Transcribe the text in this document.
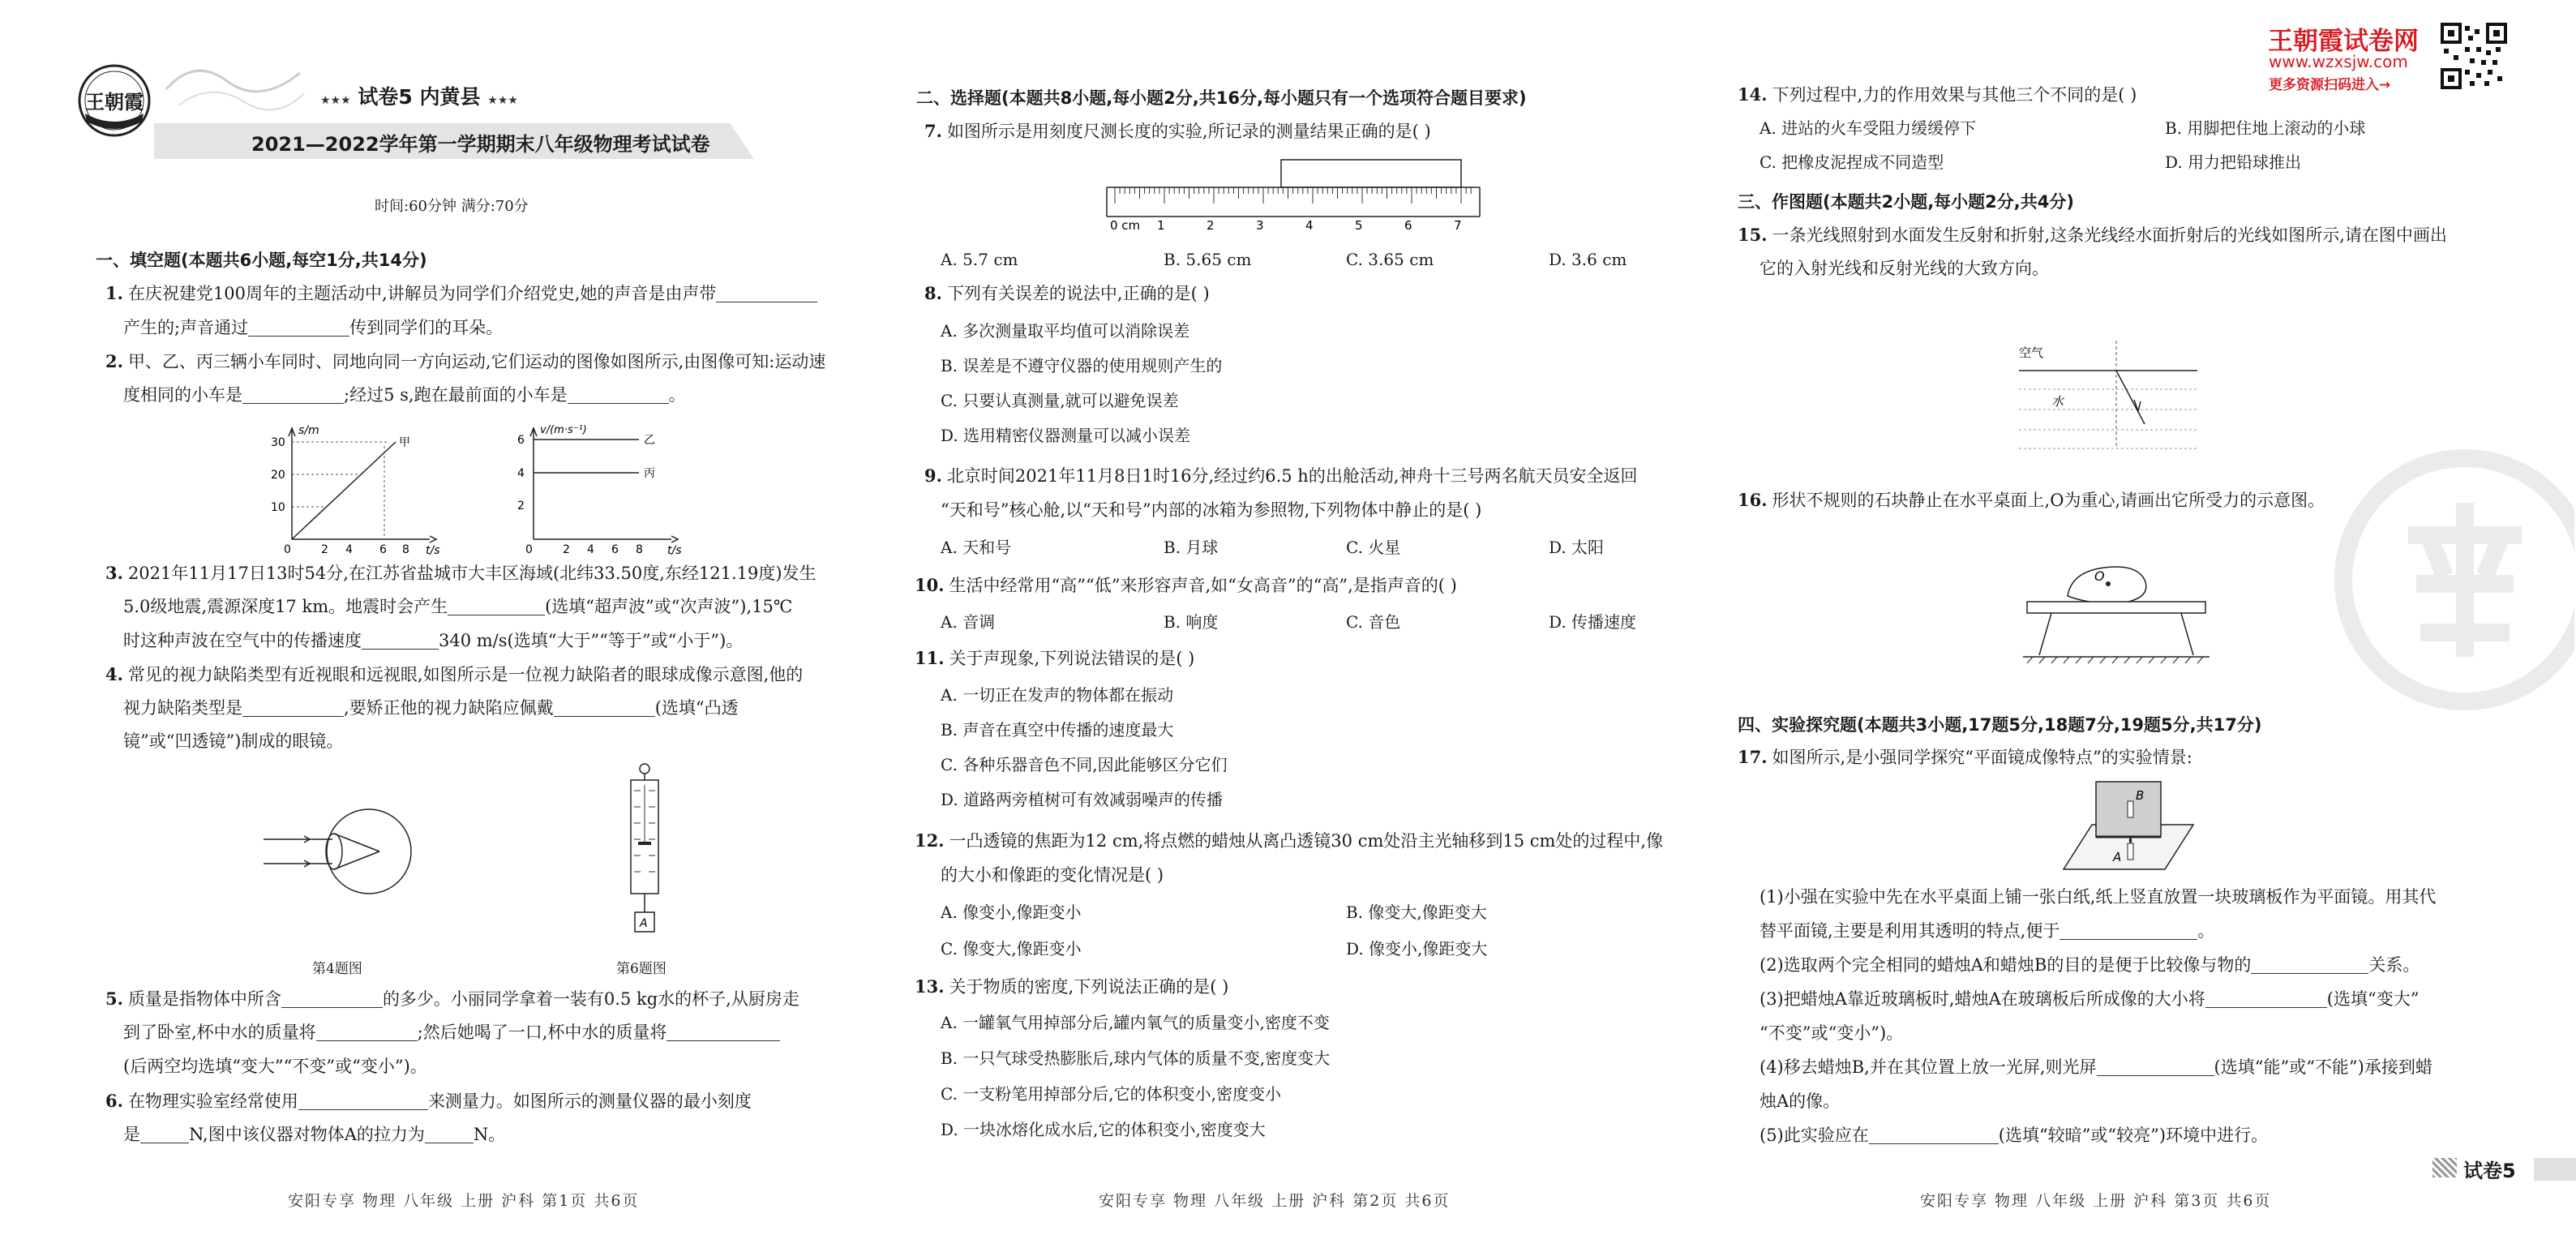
王朝霞	★★★ 试卷5 内黄县 ★★★
2021—2022学年第一学期期末八年级物理考试试卷
时间:60分钟 满分:70分
一、填空题(本题共6小题,每空1分,共14分)
1. 在庆祝建党100周年的主题活动中,讲解员为同学们介绍党史,她的声音是由声带
产生的;声音通过	传到同学们的耳朵。
2. 甲、乙、丙三辆小车同时、同地向同一方向运动,它们运动的图像如图所示,由图像可知:运动速
度相同的小车是	;经过5 s,跑在最前面的小车是	。
s/m
t/s
甲
30
20
10
0	2 4 6 8
v/(m·s⁻¹)
t/s
乙
丙
6
4
2
0	2 4 6 8
3. 2021年11月17日13时54分,在江苏省盐城市大丰区海域(北纬33.50度,东经121.19度)发生
5.0级地震,震源深度17 km。地震时会产生	(选填“超声波”或“次声波”),15℃
时这种声波在空气中的传播速度	340 m/s(选填“大于”“等于”或“小于”)。
4. 常见的视力缺陷类型有近视眼和远视眼,如图所示是一位视力缺陷者的眼球成像示意图,他的
视力缺陷类型是	,要矫正他的视力缺陷应佩戴	(选填“凸透
镜”或“凹透镜”)制成的眼镜。
第4题图
A
第6题图
5. 质量是指物体中所含	的多少。小丽同学拿着一装有0.5 kg水的杯子,从厨房走
到了卧室,杯中水的质量将	;然后她喝了一口,杯中水的质量将
(后两空均选填“变大”“不变”或“变小”)。
6. 在物理实验室经常使用	来测量力。如图所示的测量仪器的最小刻度
是	N,图中该仪器对物体A的拉力为	N。
安阳专享 物理 八年级 上册 沪科 第1页 共6页
二、选择题(本题共8小题,每小题2分,共16分,每小题只有一个选项符合题目要求)
7. 如图所示是用刻度尺测长度的实验,所记录的测量结果正确的是( )
0 cm 1	2	3	4	5	6	7
A. 5.7 cm	B. 5.65 cm	C. 3.65 cm	D. 3.6 cm
8. 下列有关误差的说法中,正确的是( )
A. 多次测量取平均值可以消除误差
B. 误差是不遵守仪器的使用规则产生的
C. 只要认真测量,就可以避免误差
D. 选用精密仪器测量可以减小误差
9. 北京时间2021年11月8日1时16分,经过约6.5 h的出舱活动,神舟十三号两名航天员安全返回
“天和号”核心舱,以“天和号”内部的冰箱为参照物,下列物体中静止的是( )
A. 天和号	B. 月球	C. 火星	D. 太阳
10. 生活中经常用“高”“低”来形容声音,如“女高音”的“高”,是指声音的( )
A. 音调	B. 响度	C. 音色	D. 传播速度
11. 关于声现象,下列说法错误的是( )
A. 一切正在发声的物体都在振动
B. 声音在真空中传播的速度最大
C. 各种乐器音色不同,因此能够区分它们
D. 道路两旁植树可有效减弱噪声的传播
12. 一凸透镜的焦距为12 cm,将点燃的蜡烛从离凸透镜30 cm处沿主光轴移到15 cm处的过程中,像
的大小和像距的变化情况是( )
A. 像变小,像距变小	B. 像变大,像距变大
C. 像变大,像距变小	D. 像变小,像距变大
13. 关于物质的密度,下列说法正确的是( )
A. 一罐氧气用掉部分后,罐内氧气的质量变小,密度不变
B. 一只气球受热膨胀后,球内气体的质量不变,密度变大
C. 一支粉笔用掉部分后,它的体积变小,密度变小
D. 一块冰熔化成水后,它的体积变小,密度变大
安阳专享 物理 八年级 上册 沪科 第2页 共6页
王朝霞试卷网
www.wzxsjw.com
更多资源扫码进入→
14. 下列过程中,力的作用效果与其他三个不同的是( )
A. 进站的火车受阻力缓缓停下	B. 用脚把住地上滚动的小球
C. 把橡皮泥捏成不同造型	D. 用力把铅球推出
三、作图题(本题共2小题,每小题2分,共4分)
15. 一条光线照射到水面发生反射和折射,这条光线经水面折射后的光线如图所示,请在图中画出
它的入射光线和反射光线的大致方向。
空气
水
16. 形状不规则的石块静止在水平桌面上,O为重心,请画出它所受力的示意图。
O
四、实验探究题(本题共3小题,17题5分,18题7分,19题5分,共17分)
17. 如图所示,是小强同学探究“平面镜成像特点”的实验情景:
A
B
(1)小强在实验中先在水平桌面上铺一张白纸,纸上竖直放置一块玻璃板作为平面镜。用其代
替平面镜,主要是利用其透明的特点,便于	。
(2)选取两个完全相同的蜡烛A和蜡烛B的目的是便于比较像与物的	关系。
(3)把蜡烛A靠近玻璃板时,蜡烛A在玻璃板后所成像的大小将	(选填“变大”
“不变”或“变小”)。
(4)移去蜡烛B,并在其位置上放一光屏,则光屏	(选填“能”或“不能”)承接到蜡
烛A的像。
(5)此实验应在	(选填“较暗”或“较亮”)环境中进行。
安阳专享 物理 八年级 上册 沪科 第3页 共6页
试卷5
